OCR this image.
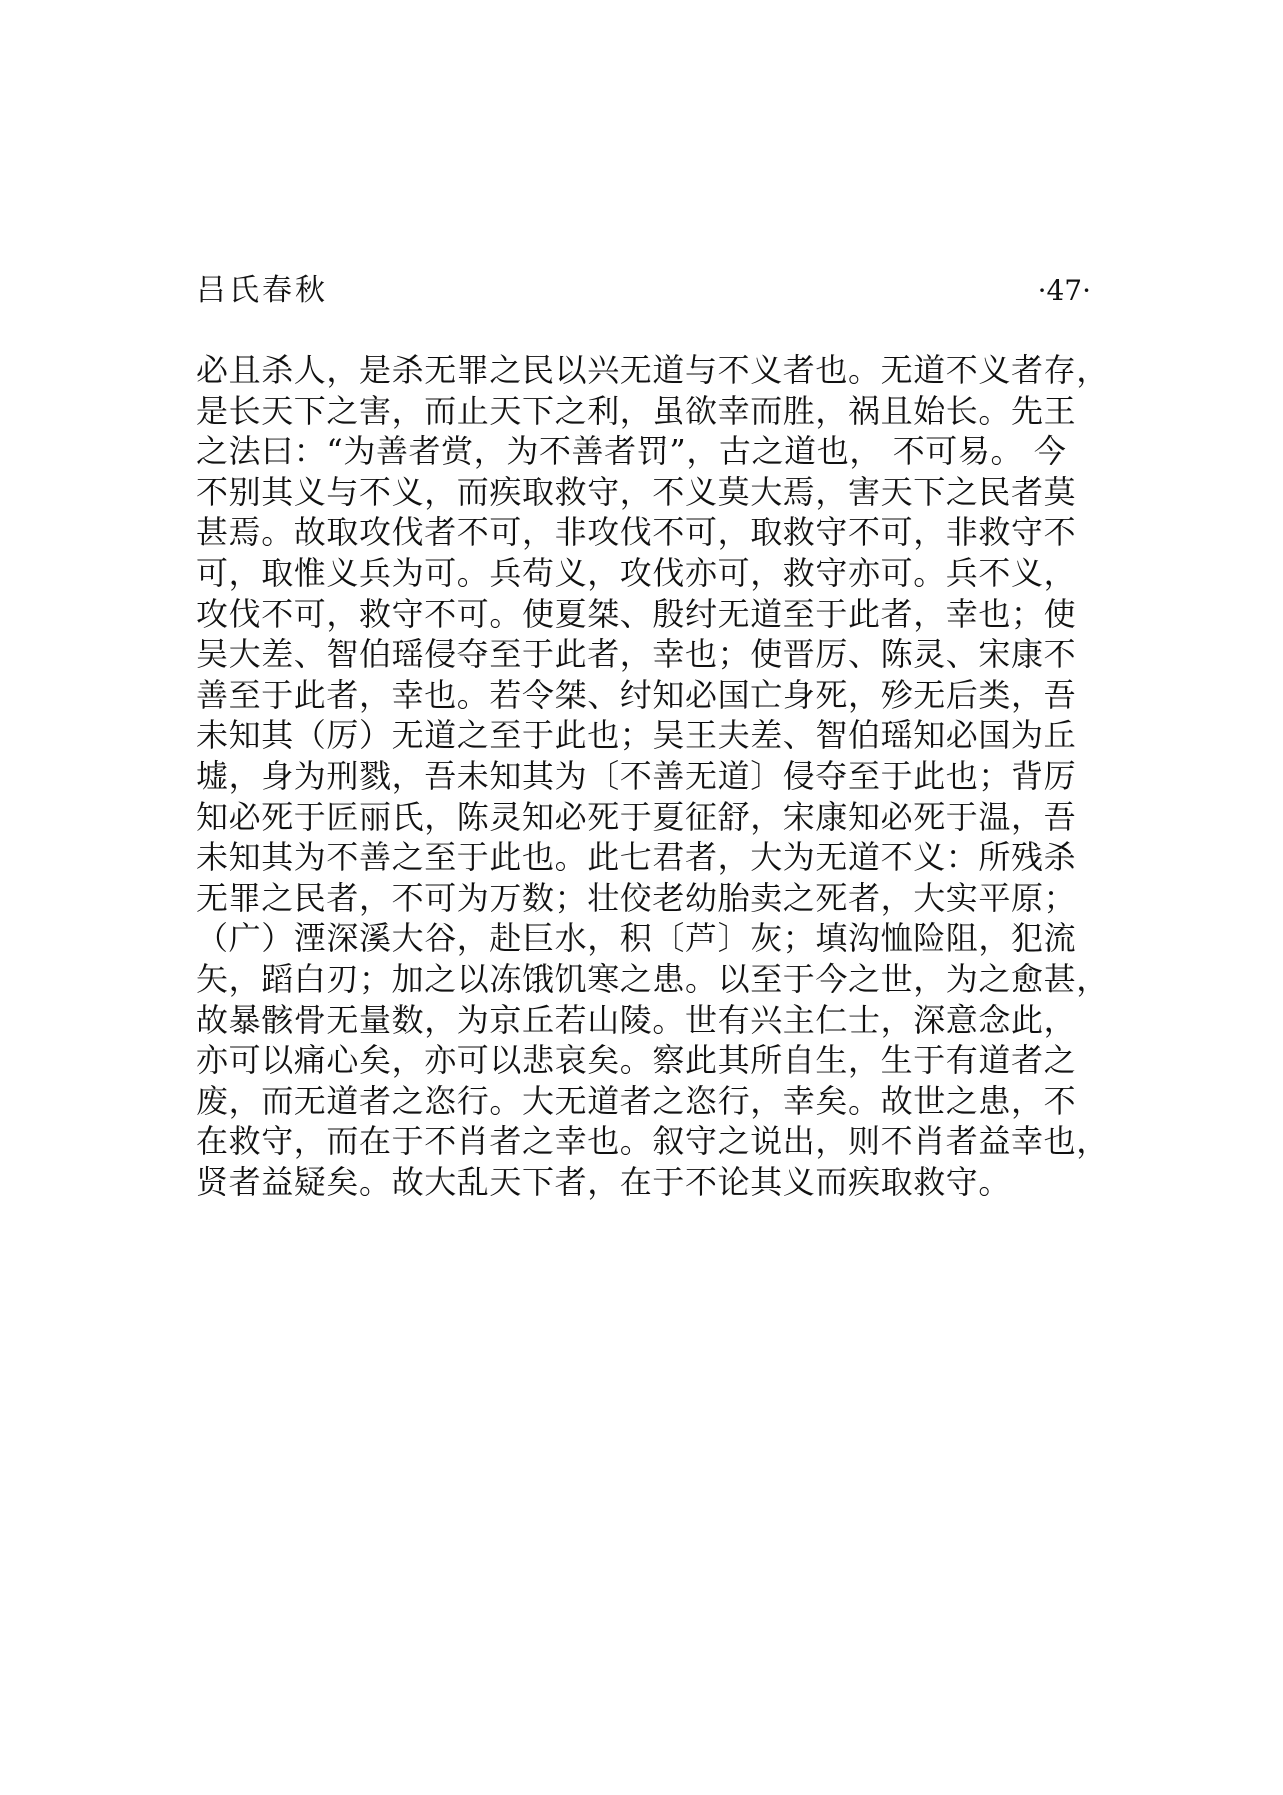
吕氏春秋	·47·
必且杀人，是杀无罪之民以兴无道与不义者也。无道不义者存，
是长天下之害，而止天下之利，虽欲幸而胜，祸且始长。先王
之法曰：“为善者赏，为不善者罚”，古之道也， 不可易。 今
不别其义与不义，而疾取救守，不义莫大焉，害天下之民者莫
甚焉。故取攻伐者不可，非攻伐不可，取救守不可，非救守不
可，取惟义兵为可。兵苟义，攻伐亦可，救守亦可。兵不义，
攻伐不可，救守不可。使夏桀、殷纣无道至于此者，幸也；使
吴大差、智伯瑶侵夺至于此者，幸也；使晋厉、陈灵、宋康不
善至于此者，幸也。若令桀、纣知必国亡身死，殄无后类，吾
未知其（厉）无道之至于此也；吴王夫差、智伯瑶知必国为丘
墟，身为刑戮，吾未知其为〔不善无道〕侵夺至于此也；背厉
知必死于匠丽氏，陈灵知必死于夏征舒，宋康知必死于温，吾
未知其为不善之至于此也。此七君者，大为无道不义：所残杀
无罪之民者，不可为万数；壮佼老幼胎卖之死者，大实平原；
（广）湮深溪大谷，赴巨水，积〔芦〕灰；填沟恤险阻，犯流
矢，蹈白刃；加之以冻饿饥寒之患。以至于今之世，为之愈甚，
故暴骸骨无量数，为京丘若山陵。世有兴主仁士，深意念此，
亦可以痛心矣，亦可以悲哀矣。察此其所自生，生于有道者之
废，而无道者之恣行。大无道者之恣行，幸矣。故世之患，不
在救守，而在于不肖者之幸也。叙守之说出，则不肖者益幸也，
贤者益疑矣。故大乱天下者，在于不论其义而疾取救守。
